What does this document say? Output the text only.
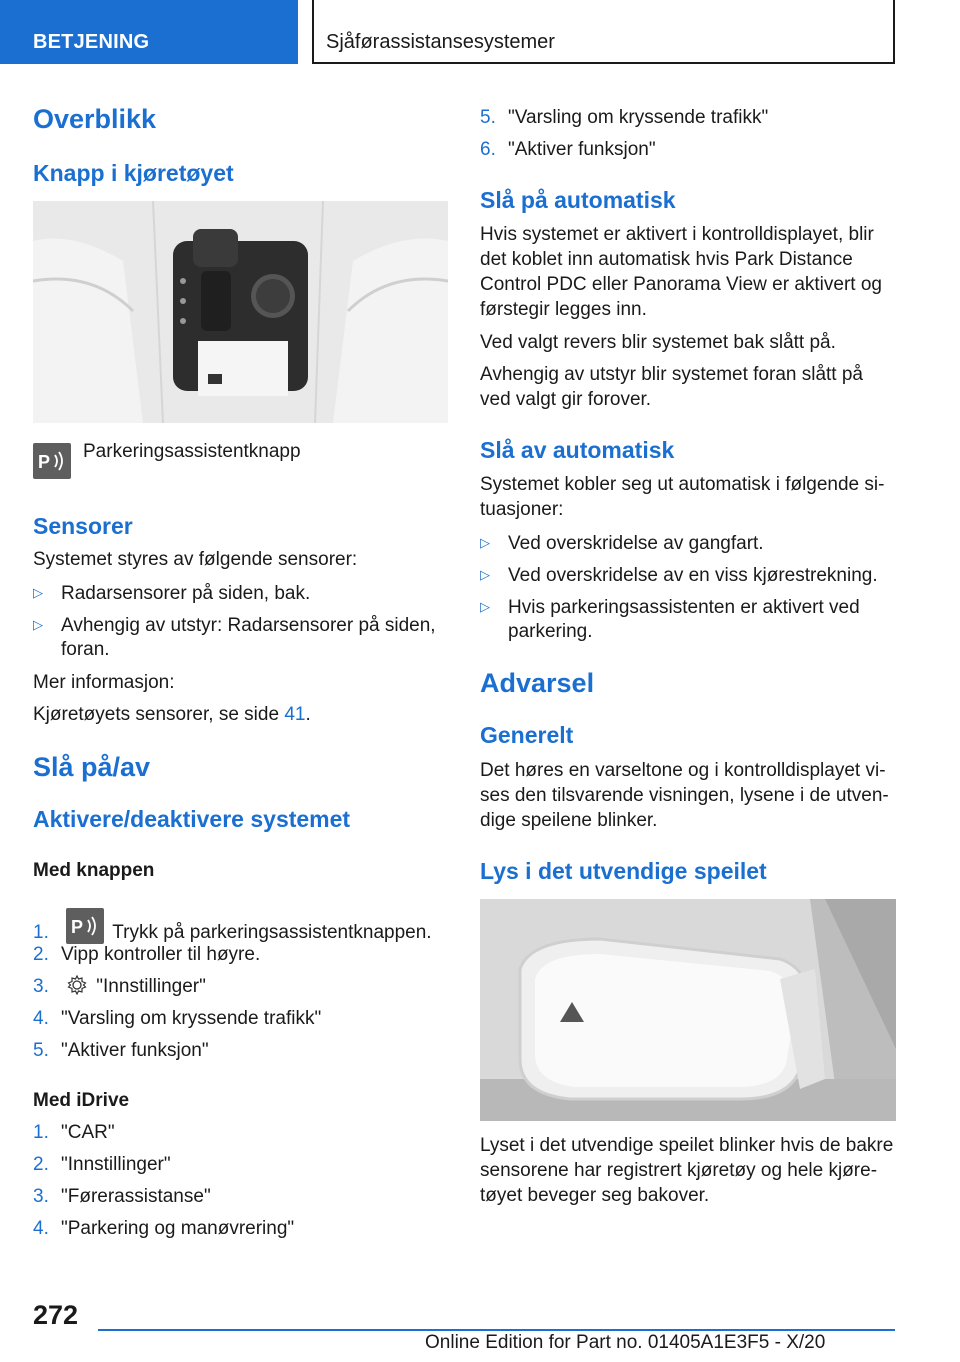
BETJENING	Sjåførassistansesystemer
Overblikk
Knapp i kjøretøyet
P Parkeringsassistentknapp
Sensorer
Systemet styres av følgende sensorer:
▷ Radarsensorer på siden, bak.
▷ Avhengig av utstyr: Radarsensorer på siden,
foran.
Mer informasjon:
Kjøretøyets sensorer, se side 41.
Slå på/av
Aktivere/deaktivere systemet
Med knappen
1. P Trykk på parkeringsassistentknappen.
2. Vipp kontroller til høyre.
3. "Innstillinger"
4. "Varsling om kryssende trafikk"
5. "Aktiver funksjon"
Med iDrive
1. "CAR"
2. "Innstillinger"
3. "Førerassistanse"
4. "Parkering og manøvrering"
5. "Varsling om kryssende trafikk"
6. "Aktiver funksjon"
Slå på automatisk
Hvis systemet er aktivert i kontrolldisplayet, blir
det koblet inn automatisk hvis Park Distance
Control PDC eller Panorama View er aktivert og
førstegir legges inn.
Ved valgt revers blir systemet bak slått på.
Avhengig av utstyr blir systemet foran slått på
ved valgt gir forover.
Slå av automatisk
Systemet kobler seg ut automatisk i følgende si-
tuasjoner:
▷ Ved overskridelse av gangfart.
▷ Ved overskridelse av en viss kjørestrekning.
▷ Hvis parkeringsassistenten er aktivert ved
parkering.
Advarsel
Generelt
Det høres en varseltone og i kontrolldisplayet vi-
ses den tilsvarende visningen, lysene i de utven-
dige speilene blinker.
Lys i det utvendige speilet
Lyset i det utvendige speilet blinker hvis de bakre
sensorene har registrert kjøretøy og hele kjøre-
tøyet beveger seg bakover.
272
Online Edition for Part no. 01405A1E3F5 - X/20
